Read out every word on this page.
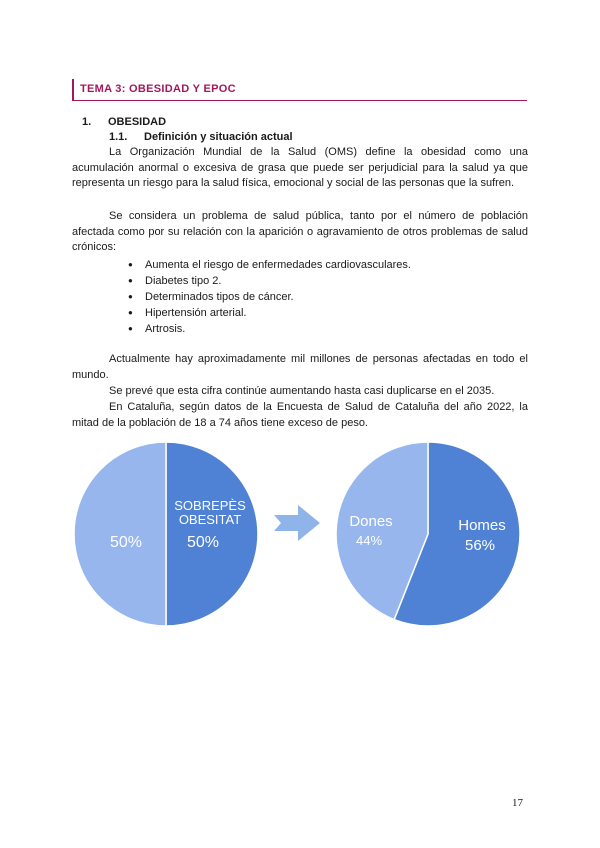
TEMA 3: OBESIDAD Y EPOC
1. OBESIDAD
1.1. Definición y situación actual
La Organización Mundial de la Salud (OMS) define la obesidad como una acumulación anormal o excesiva de grasa que puede ser perjudicial para la salud ya que representa un riesgo para la salud física, emocional y social de las personas que la sufren.
Se considera un problema de salud pública, tanto por el número de población afectada como por su relación con la aparición o agravamiento de otros problemas de salud crónicos:
● Aumenta el riesgo de enfermedades cardiovasculares.
● Diabetes tipo 2.
● Determinados tipos de cáncer.
● Hipertensión arterial.
● Artrosis.
Actualmente hay aproximadamente mil millones de personas afectadas en todo el mundo.
Se prevé que esta cifra continúe aumentando hasta casi duplicarse en el 2035.
En Cataluña, según datos de la Encuesta de Salud de Cataluña del año 2022, la mitad de la población de 18 a 74 años tiene exceso de peso.
SOBREPÈS OBESITAT
50%
50%
Dones
44%
Homes
56%
17
